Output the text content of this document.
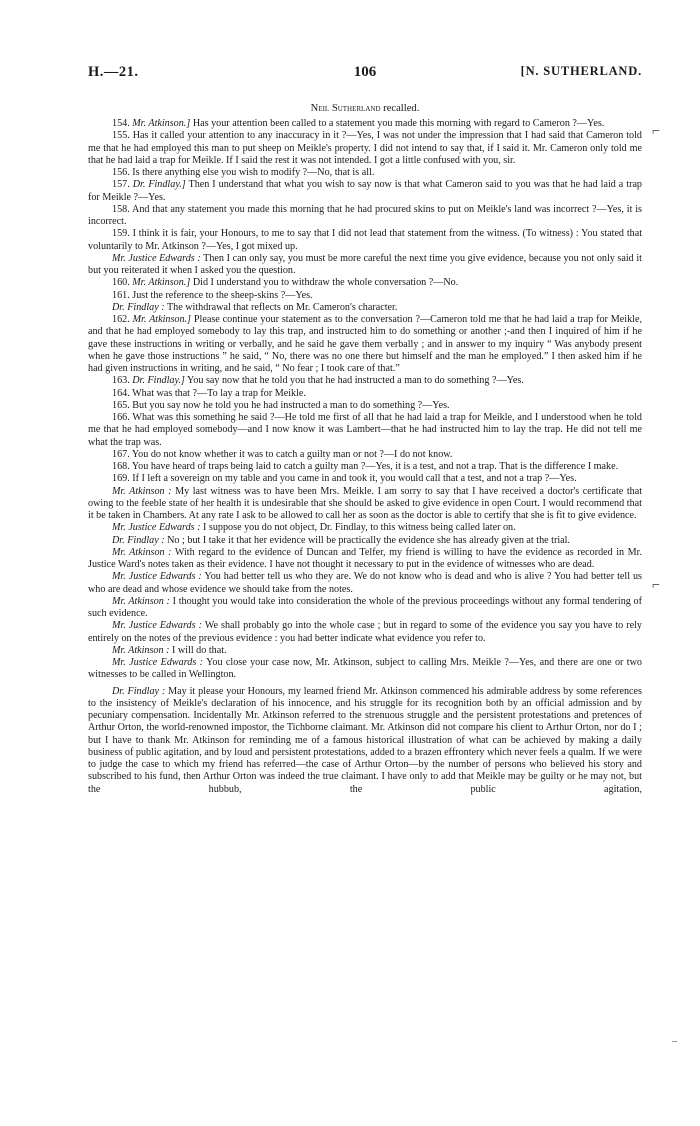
H.—21.	106	[N. SUTHERLAND.
Neil Sutherland recalled.

154. Mr. Atkinson.] Has your attention been called to a statement you made this morning with regard to Cameron ?—Yes.

155. Has it called your attention to any inaccuracy in it ?—Yes, I was not under the impression that I had said that Cameron told me that he had employed this man to put sheep on Meikle's property. I did not intend to say that, if I said it. Mr. Cameron only told me that he had laid a trap for Meikle. If I said the rest it was not intended. I got a little confused with you, sir.

156. Is there anything else you wish to modify ?—No, that is all.

157. Dr. Findlay.] Then I understand that what you wish to say now is that what Cameron said to you was that he had laid a trap for Meikle ?—Yes.

158. And that any statement you made this morning that he had procured skins to put on Meikle's land was incorrect ?—Yes, it is incorrect.

159. I think it is fair, your Honours, to me to say that I did not lead that statement from the witness. (To witness) : You stated that voluntarily to Mr. Atkinson ?—Yes, I got mixed up.

Mr. Justice Edwards : Then I can only say, you must be more careful the next time you give evidence, because you not only said it but you reiterated it when I asked you the question.

160. Mr. Atkinson.] Did I understand you to withdraw the whole conversation ?—No.

161. Just the reference to the sheep-skins ?—Yes.

Dr. Findlay : The withdrawal that reflects on Mr. Cameron's character.

162. Mr. Atkinson.] Please continue your statement as to the conversation ?—Cameron told me that he had laid a trap for Meikle, and that he had employed somebody to lay this trap, and instructed him to do something or another ;-and then I inquired of him if he gave these instructions in writing or verbally, and he said he gave them verbally ; and in answer to my inquiry “ Was anybody present when he gave those instructions ” he said, “ No, there was no one there but himself and the man he employed.” I then asked him if he had given instructions in writing, and he said, “ No fear ; I took care of that.”

163. Dr. Findlay.] You say now that he told you that he had instructed a man to do something ?—Yes.

164. What was that ?—To lay a trap for Meikle.

165. But you say now he told you he had instructed a man to do something ?—Yes.

166. What was this something he said ?—He told me first of all that he had laid a trap for Meikle, and I understood when he told me that he had employed somebody—and I now know it was Lambert—that he had instructed him to lay the trap. He did not tell me what the trap was.

167. You do not know whether it was to catch a guilty man or not ?—I do not know.

168. You have heard of traps being laid to catch a guilty man ?—Yes, it is a test, and not a trap. That is the difference I make.

169. If I left a sovereign on my table and you came in and took it, you would call that a test, and not a trap ?—Yes.

Mr. Atkinson : My last witness was to have been Mrs. Meikle. I am sorry to say that I have received a doctor's certificate that owing to the feeble state of her health it is undesirable that she should be asked to give evidence in open Court. I would recommend that it be taken in Chambers. At any rate I ask to be allowed to call her as soon as the doctor is able to certify that she is fit to give evidence.

Mr. Justice Edwards : I suppose you do not object, Dr. Findlay, to this witness being called later on.

Dr. Findlay : No ; but I take it that her evidence will be practically the evidence she has already given at the trial.

Mr. Atkinson : With regard to the evidence of Duncan and Telfer, my friend is willing to have the evidence as recorded in Mr. Justice Ward's notes taken as their evidence. I have not thought it necessary to put in the evidence of witnesses who are dead.

Mr. Justice Edwards : You had better tell us who they are. We do not know who is dead and who is alive ? You had better tell us who are dead and whose evidence we should take from the notes.

Mr. Atkinson : I thought you would take into consideration the whole of the previous proceedings without any formal tendering of such evidence.

Mr. Justice Edwards : We shall probably go into the whole case ; but in regard to some of the evidence you say you have to rely entirely on the notes of the previous evidence : you had better indicate what evidence you refer to.

Mr. Atkinson : I will do that.

Mr. Justice Edwards : You close your case now, Mr. Atkinson, subject to calling Mrs. Meikle ?—Yes, and there are one or two witnesses to be called in Wellington.

Dr. Findlay : May it please your Honours, my learned friend Mr. Atkinson commenced his admirable address by some references to the insistency of Meikle's declaration of his innocence, and his struggle for its recognition both by an official admission and by pecuniary compensation. Incidentally Mr. Atkinson referred to the strenuous struggle and the persistent protestations and pretences of Arthur Orton, the world-renowned impostor, the Tichborne claimant. Mr. Atkinson did not compare his client to Arthur Orton, nor do I ; but I have to thank Mr. Atkinson for reminding me of a famous historical illustration of what can be achieved by making a daily business of public agitation, and by loud and persistent protestations, added to a brazen effrontery which never feels a qualm. If we were to judge the case to which my friend has referred—the case of Arthur Orton—by the number of persons who believed his story and subscribed to his fund, then Arthur Orton was indeed the true claimant. I have only to add that Meikle may be guilty or he may not, but the hubbub, the public agitation,

⌐
⌐
‒
